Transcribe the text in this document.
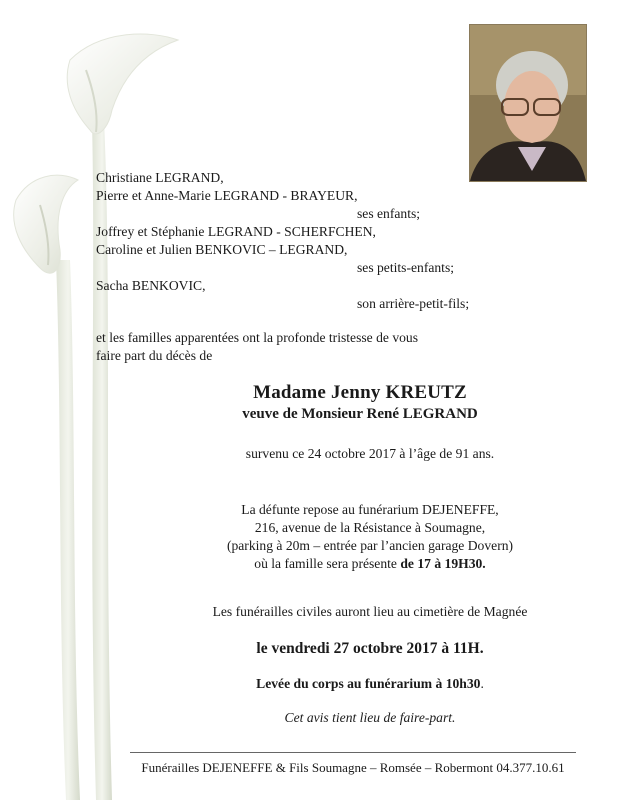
Christiane LEGRAND,
Pierre et Anne-Marie LEGRAND - BRAYEUR,
ses enfants;
Joffrey et Stéphanie LEGRAND - SCHERFCHEN,
Caroline et Julien BENKOVIC – LEGRAND,
ses petits-enfants;
Sacha BENKOVIC,
son arrière-petit-fils;
et les familles apparentées ont la profonde tristesse de vous
faire part du décès de
Madame Jenny KREUTZ
veuve de Monsieur René LEGRAND
survenu ce 24 octobre 2017 à l’âge de 91 ans.
La défunte repose au funérarium DEJENEFFE,
216, avenue de la Résistance à Soumagne,
(parking à 20m – entrée par l’ancien garage Dovern)
où la famille sera présente de 17 à 19H30.
Les funérailles civiles auront lieu au cimetière de Magnée
le vendredi 27 octobre 2017 à 11H.
Levée du corps au funérarium à 10h30.
Cet avis tient lieu de faire-part.
Funérailles DEJENEFFE & Fils Soumagne – Romsée – Robermont 04.377.10.61
